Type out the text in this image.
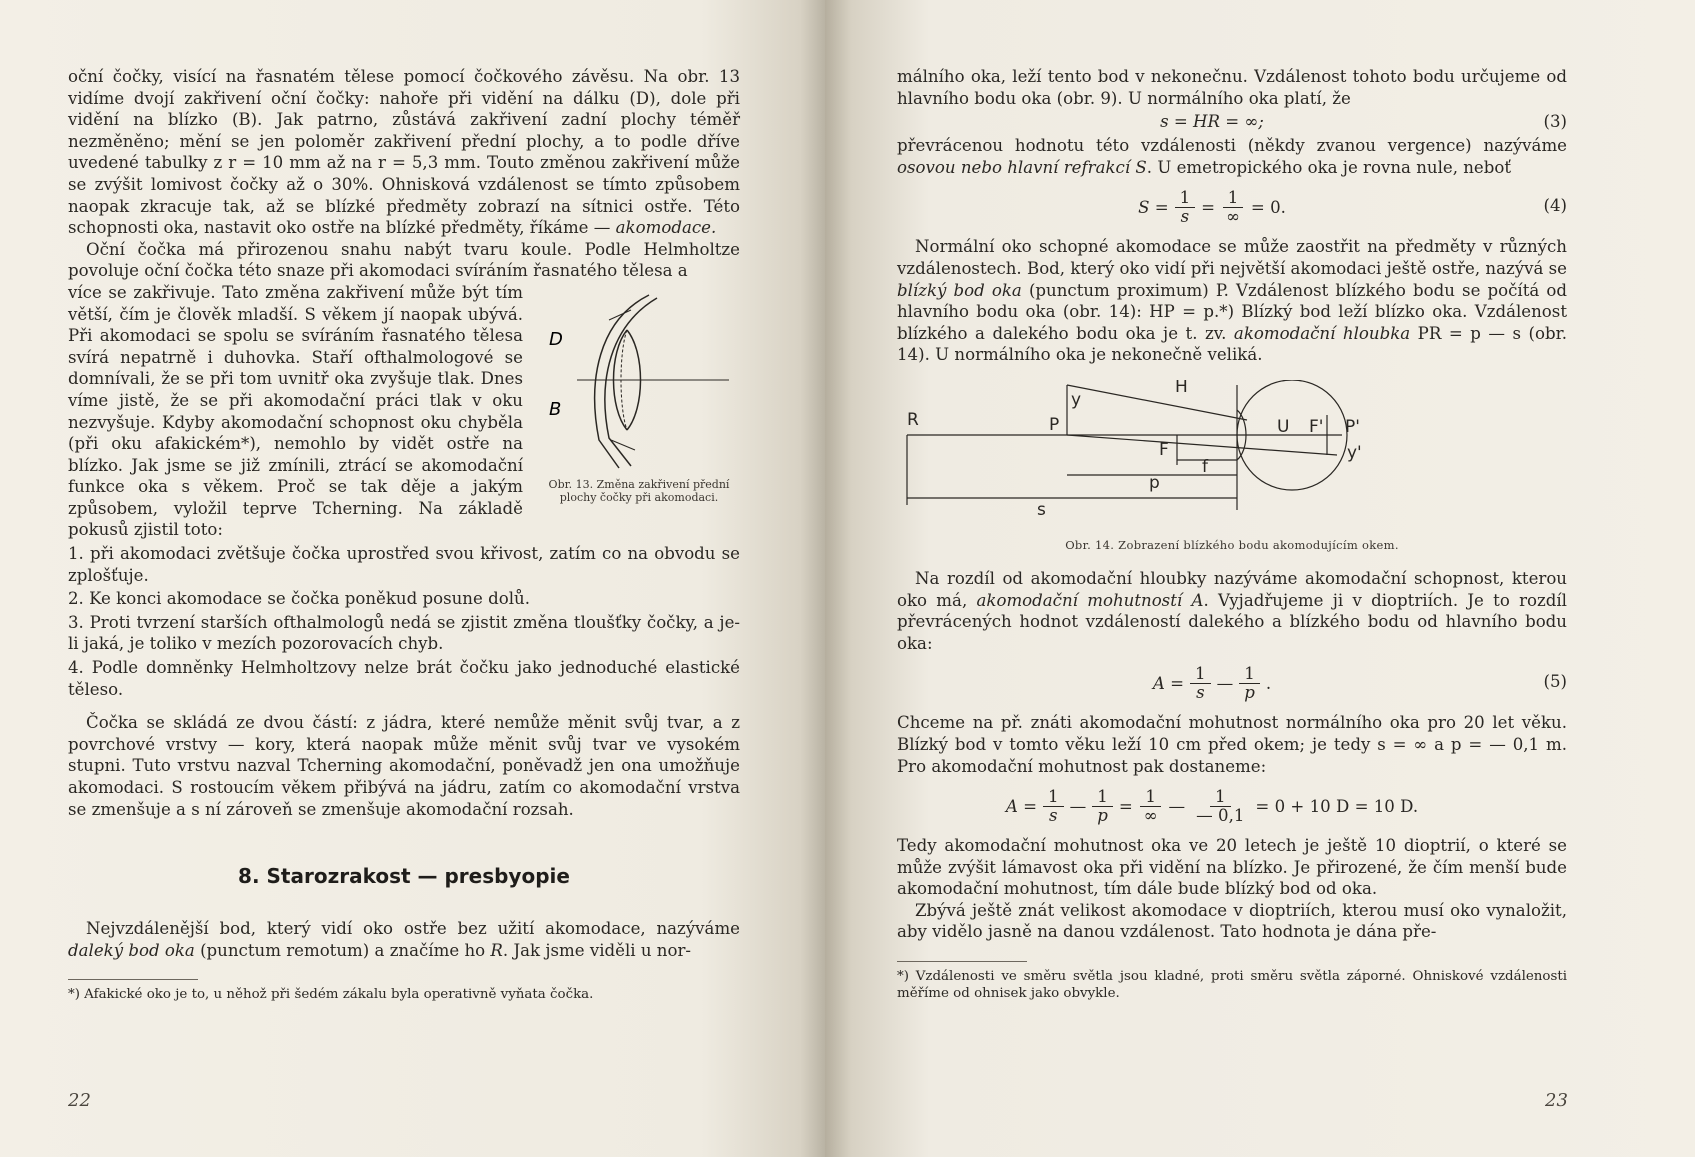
oční čočky, visící na řasnatém tělese pomocí čočkového závěsu. Na obr. 13 vidíme dvojí zakřivení oční čočky: nahoře při vidění na dálku (D), dole při vidění na blízko (B). Jak patrno, zůstává zakřivení zadní plochy téměř nezměněno; mění se jen poloměr zakřivení přední plochy, a to podle dříve uvedené tabulky z r = 10 mm až na r = 5,3 mm. Touto změnou zakřivení může se zvýšit lomivost čočky až o 30%. Ohnisková vzdálenost se tímto způsobem naopak zkracuje tak, až se blízké předměty zobrazí na sítnici ostře. Této schopnosti oka, nastavit oko ostře na blízké předměty, říkáme — akomodace.

Oční čočka má přirozenou snahu nabýt tvaru koule. Podle Helmholtze povoluje oční čočka této snaze při akomodaci svíráním řasnatého tělesa a

více se zakřivuje. Tato změna zakřivení může být tím větší, čím je člověk mladší. S věkem jí naopak ubývá. Při akomodaci se spolu se svíráním řasnatého tělesa svírá nepatrně i duhovka. Staří ofthalmologové se domnívali, že se při tom uvnitř oka zvyšuje tlak. Dnes víme jistě, že se při akomodační práci tlak v oku nezvyšuje. Kdyby akomodační schopnost oku chyběla (při oku afakickém*), nemohlo by vidět ostře na blízko. Jak jsme se již zmínili, ztrácí se akomodační funkce oka s věkem. Proč se tak děje a jakým způsobem, vyložil teprve Tcherning. Na základě pokusů zjistil toto:

D
B
Obr. 13. Změna zakřivení přední plochy čočky při akomodaci.
1. při akomodaci zvětšuje čočka uprostřed svou křivost, zatím co na obvodu se zplošťuje.
2. Ke konci akomodace se čočka poněkud posune dolů.
3. Proti tvrzení starších ofthalmologů nedá se zjistit změna tloušťky čočky, a je-li jaká, je toliko v mezích pozorovacích chyb.
4. Podle domněnky Helmholtzovy nelze brát čočku jako jednoduché elastické těleso.

Čočka se skládá ze dvou částí: z jádra, které nemůže měnit svůj tvar, a z povrchové vrstvy — kory, která naopak může měnit svůj tvar ve vysokém stupni. Tuto vrstvu nazval Tcherning akomodační, poněvadž jen ona umožňuje akomodaci. S rostoucím věkem přibývá na jádru, zatím co akomodační vrstva se zmenšuje a s ní zároveň se zmenšuje akomodační rozsah.

8. Starozrakost — presbyopie

Nejvzdálenější bod, který vidí oko ostře bez užití akomodace, nazýváme daleký bod oka (punctum remotum) a značíme ho R. Jak jsme viděli u nor-

*) Afakické oko je to, u něhož při šedém zákalu byla operativně vyňata čočka.

22

málního oka, leží tento bod v nekonečnu. Vzdálenost tohoto bodu určujeme od hlavního bodu oka (obr. 9). U normálního oka platí, že

s = HR = ∞;	(3)

převrácenou hodnotu této vzdálenosti (někdy zvanou vergence) nazýváme osovou nebo hlavní refrakcí S. U emetropického oka je rovna nule, neboť

$S = \frac{1}{s} = \frac{1}{\infty} = 0$.	(4)

Normální oko schopné akomodace se může zaostřit na předměty v různých vzdálenostech. Bod, který oko vidí při největší akomodaci ještě ostře, nazývá se blízký bod oka (punctum proximum) P. Vzdálenost blízkého bodu se počítá od hlavního bodu oka (obr. 14): HP = p.*) Blízký bod leží blízko oka. Vzdálenost blízkého a dalekého bodu oka je t. zv. akomodační hloubka PR = p — s (obr. 14). U normálního oka je nekonečně veliká.

R	P
y
H
U F' P'
y'
F
f
p
s
Obr. 14. Zobrazení blízkého bodu akomodujícím okem.

Na rozdíl od akomodační hloubky nazýváme akomodační schopnost, kterou oko má, akomodační mohutností A. Vyjadřujeme ji v dioptriích. Je to rozdíl převrácených hodnot vzdáleností dalekého a blízkého bodu od hlavního bodu oka:

$A = \frac{1}{s}$ — $\frac{1}{p}$ .	(5)

Chceme na př. znáti akomodační mohutnost normálního oka pro 20 let věku. Blízký bod v tomto věku leží 10 cm před okem; je tedy s = ∞ a p = — 0,1 m. Pro akomodační mohutnost pak dostaneme:

$A = \frac{1}{s}$ — $\frac{1}{p} = \frac{1}{\infty}$ — $\frac{1}{— 0,1} = 0 + 10$ D = 10 D.

Tedy akomodační mohutnost oka ve 20 letech je ještě 10 dioptrií, o které se může zvýšit lámavost oka při vidění na blízko. Je přirozené, že čím menší bude akomodační mohutnost, tím dále bude blízký bod od oka.

Zbývá ještě znát velikost akomodace v dioptriích, kterou musí oko vynaložit, aby vidělo jasně na danou vzdálenost. Tato hodnota je dána pře-

*) Vzdálenosti ve směru světla jsou kladné, proti směru světla záporné. Ohniskové vzdálenosti měříme od ohnisek jako obvykle.

23
